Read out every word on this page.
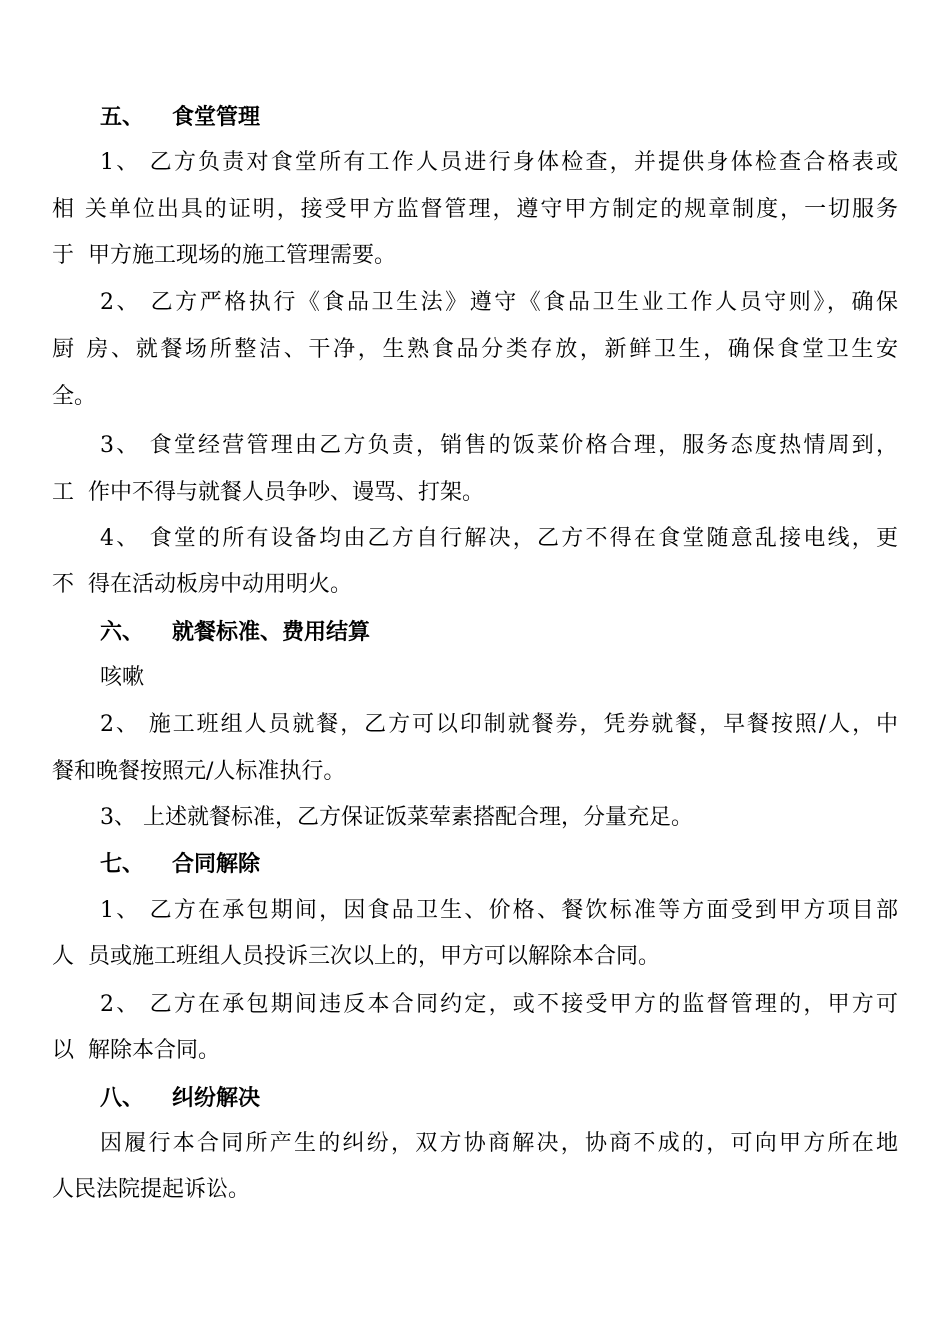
五、 食堂管理
1、 乙方负责对食堂所有工作人员进行身体检查，并提供身体检查合格表或
相 关单位出具的证明，接受甲方监督管理，遵守甲方制定的规章制度，一切服务
于  甲方施工现场的施工管理需要。
2、 乙方严格执行《食品卫生法》遵守《食品卫生业工作人员守则》，确保
厨 房、就餐场所整洁、干净，生熟食品分类存放，新鲜卫生，确保食堂卫生安
全。
3、 食堂经营管理由乙方负责，销售的饭菜价格合理，服务态度热情周到，
工  作中不得与就餐人员争吵、谩骂、打架。
4、 食堂的所有设备均由乙方自行解决，乙方不得在食堂随意乱接电线，更
不  得在活动板房中动用明火。
六、 就餐标准、费用结算
咳嗽
2、 施工班组人员就餐，乙方可以印制就餐券，凭券就餐，早餐按照/人，中
餐和晚餐按照元/人标准执行。
3、 上述就餐标准，乙方保证饭菜荤素搭配合理，分量充足。
七、 合同解除
1、 乙方在承包期间，因食品卫生、价格、餐饮标准等方面受到甲方项目部
人  员或施工班组人员投诉三次以上的，甲方可以解除本合同。
2、 乙方在承包期间违反本合同约定，或不接受甲方的监督管理的，甲方可
以  解除本合同。
八、 纠纷解决
因履行本合同所产生的纠纷，双方协商解决，协商不成的，可向甲方所在地
人民法院提起诉讼。
